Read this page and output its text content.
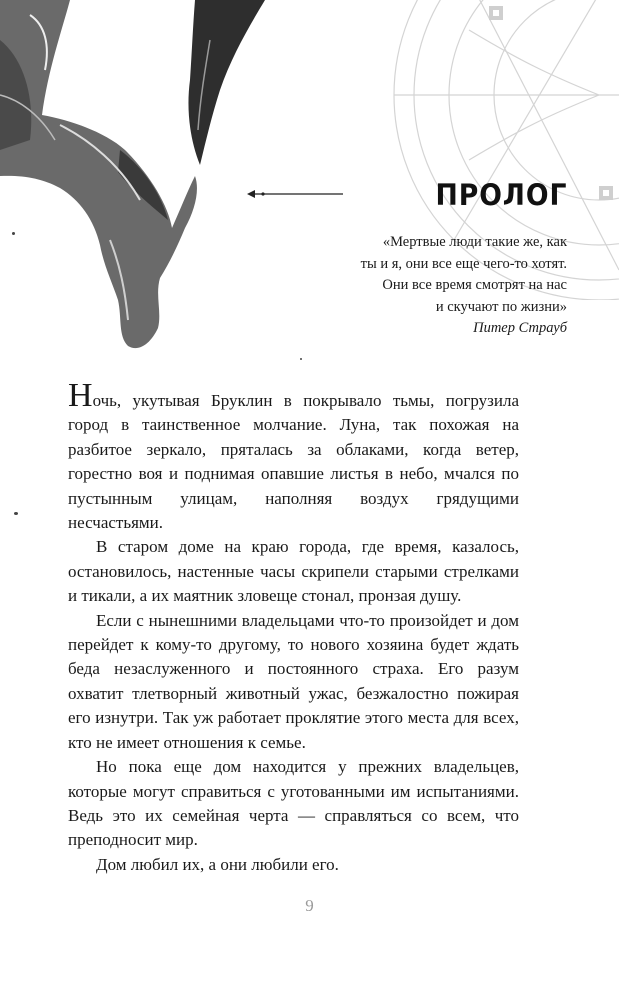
ПРОЛОГ
«Мертвые люди такие же, как
ты и я, они все еще чего-то хотят.
Они все время смотрят на нас
и скучают по жизни»
Питер Страуб

Ночь, укутывая Бруклин в покрывало тьмы, погрузила город в таинственное молчание. Луна, так похожая на разбитое зеркало, пряталась за облаками, когда ветер, горестно воя и поднимая опавшие листья в небо, мчался по пустынным улицам, наполняя воздух грядущими несчастьями.

В старом доме на краю города, где время, казалось, остановилось, настенные часы скрипели старыми стрелками и тикали, а их маятник зловеще стонал, пронзая душу.

Если с нынешними владельцами что-то произойдет и дом перейдет к кому-то другому, то нового хозяина будет ждать беда незаслуженного и постоянного страха. Его разум охватит тлетворный животный ужас, безжалостно пожирая его изнутри. Так уж работает проклятие этого места для всех, кто не имеет отношения к семье.

Но пока еще дом находится у прежних владельцев, которые могут справиться с уготованными им испытаниями. Ведь это их семейная черта — справляться со всем, что преподносит мир.

Дом любил их, а они любили его.

9
